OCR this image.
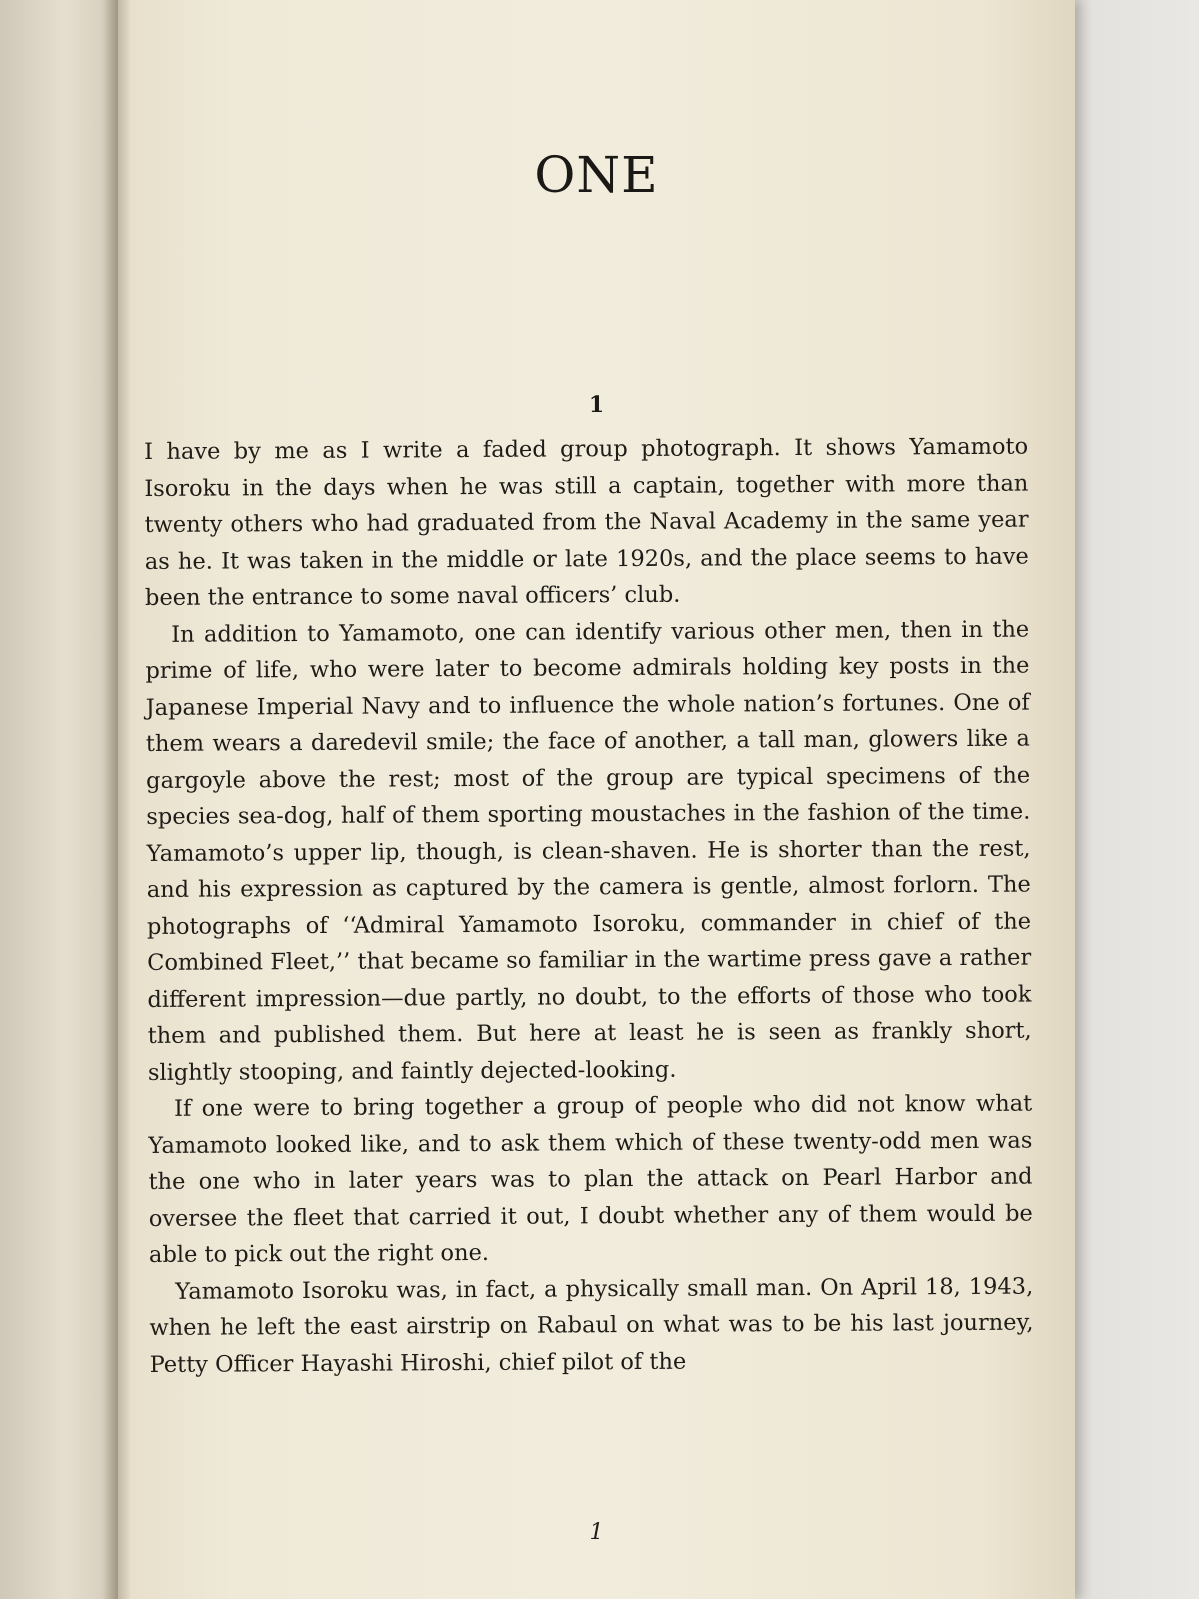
ONE
1

I have by me as I write a faded group photograph. It shows Yamamoto Isoroku in the days when he was still a captain, together with more than twenty others who had graduated from the Naval Academy in the same year as he. It was taken in the middle or late 1920s, and the place seems to have been the entrance to some naval officers’ club.

In addition to Yamamoto, one can identify various other men, then in the prime of life, who were later to become admirals holding key posts in the Japanese Imperial Navy and to influence the whole nation’s fortunes. One of them wears a daredevil smile; the face of another, a tall man, glowers like a gargoyle above the rest; most of the group are typical specimens of the species sea-dog, half of them sporting moustaches in the fashion of the time. Yamamoto’s upper lip, though, is clean-shaven. He is shorter than the rest, and his expression as captured by the camera is gentle, almost forlorn. The photographs of ‘‘Admiral Yamamoto Isoroku, commander in chief of the Combined Fleet,’’ that became so familiar in the wartime press gave a rather different impression—due partly, no doubt, to the efforts of those who took them and published them. But here at least he is seen as frankly short, slightly stooping, and faintly dejected-looking.

If one were to bring together a group of people who did not know what Yamamoto looked like, and to ask them which of these twenty-odd men was the one who in later years was to plan the attack on Pearl Harbor and oversee the fleet that carried it out, I doubt whether any of them would be able to pick out the right one.

Yamamoto Isoroku was, in fact, a physically small man. On April 18, 1943, when he left the east airstrip on Rabaul on what was to be his last journey, Petty Officer Hayashi Hiroshi, chief pilot of the

1
